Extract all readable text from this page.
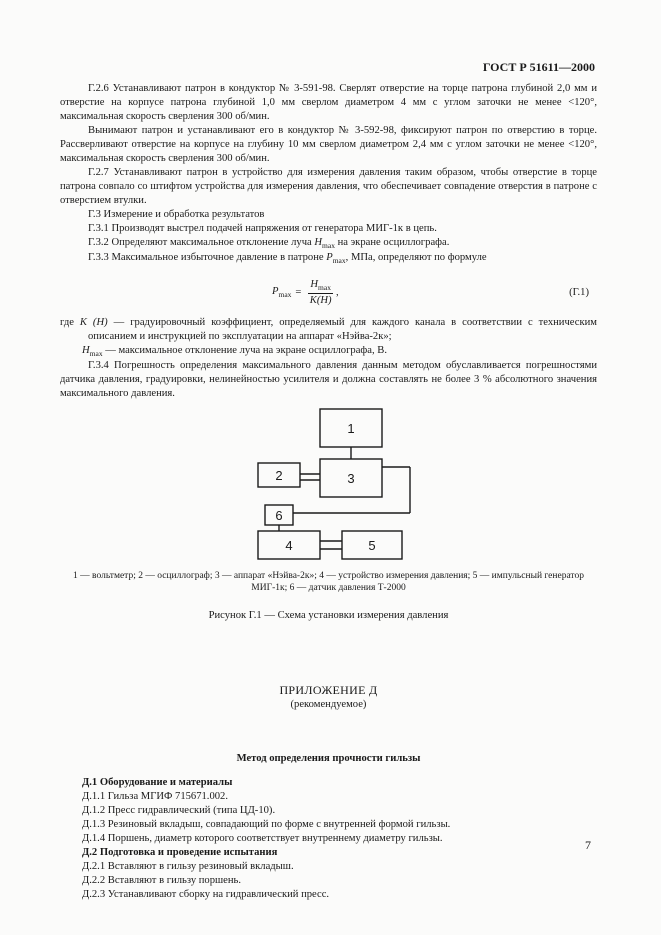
ГОСТ Р 51611—2000

Г.2.6 Устанавливают патрон в кондуктор № 3-591-98. Сверлят отверстие на торце патрона глубиной 2,0 мм и отверстие на корпусе патрона глубиной 1,0 мм сверлом диаметром 4 мм с углом заточки не менее <120°, максимальная скорость сверления 300 об/мин.

Вынимают патрон и устанавливают его в кондуктор № 3-592-98, фиксируют патрон по отверстию в торце. Рассверливают отверстие на корпусе на глубину 10 мм сверлом диаметром 2,4 мм с углом заточки не менее <120°, максимальная скорость сверления 300 об/мин.

Г.2.7 Устанавливают патрон в устройство для измерения давления таким образом, чтобы отверстие в торце патрона совпало со штифтом устройства для измерения давления, что обеспечивает совпадение отверстия в патроне с отверстием втулки.

Г.3 Измерение и обработка результатов

Г.3.1 Производят выстрел подачей напряжения от генератора МИГ-1к в цепь.

Г.3.2 Определяют максимальное отклонение луча $H_{max}$ на экране осциллографа.

Г.3.3 Максимальное избыточное давление в патроне $P_{max}$, МПа, определяют по формуле

$P_{max} = \frac{H_{max}}{K(H)}$ ,	(Г.1)

где K (H) — градуировочный коэффициент, определяемый для каждого канала в соответствии с техническим описанием и инструкцией по эксплуатации на аппарат «Нэйва-2к»;

$H_{max}$ — максимальное отклонение луча на экране осциллографа, В.

Г.3.4 Погрешность определения максимального давления данным методом обуславливается погрешностями датчика давления, градуировки, нелинейностью усилителя и должна составлять не более 3 % абсолютного значения максимального давления.

1
2	3
6
4	5

1 — вольтметр; 2 — осциллограф; 3 — аппарат «Нэйва-2к»; 4 — устройство измерения давления; 5 — импульсный генератор МИГ-1к; 6 — датчик давления Т-2000

Рисунок Г.1 — Схема установки измерения давления

ПРИЛОЖЕНИЕ Д

(рекомендуемое)

Метод определения прочности гильзы

Д.1 Оборудование и материалы

Д.1.1 Гильза МГИФ 715671.002.

Д.1.2 Пресс гидравлический (типа ЦД-10).

Д.1.3 Резиновый вкладыш, совпадающий по форме с внутренней формой гильзы.

Д.1.4 Поршень, диаметр которого соответствует внутреннему диаметру гильзы.

Д.2 Подготовка и проведение испытания

Д.2.1 Вставляют в гильзу резиновый вкладыш.

Д.2.2 Вставляют в гильзу поршень.

Д.2.3 Устанавливают сборку на гидравлический пресс.

7
